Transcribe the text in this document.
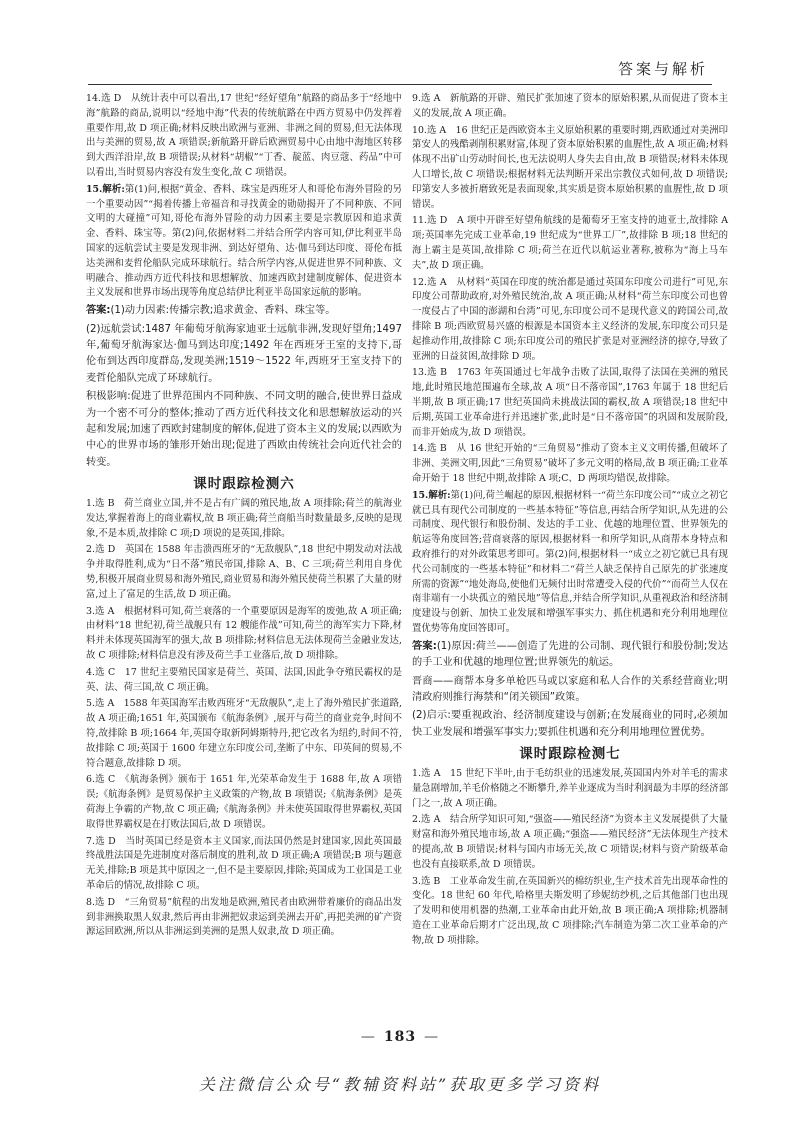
答案与解析

14.选 D　从统计表中可以看出,17 世纪“经好望角”航路的商品多于“经地中海”航路的商品,说明以“经地中海”代表的传统航路在中西方贸易中仍发挥着重要作用,故 D 项正确;材料反映出欧洲与亚洲、非洲之间的贸易,但无法体现出与美洲的贸易,故 A 项错误;新航路开辟后欧洲贸易中心由地中海地区转移到大西洋沿岸,故 B 项错误;从材料“胡椒”“丁香、靛蓝、肉豆蔻、药品”中可以看出,当时贸易内容没有发生变化,故 C 项错误。

15.解析:第(1)问,根据“黄金、香料、珠宝是西班牙人和哥伦布海外冒险的另一个重要动因”“揭着传播上帝福音和寻找黄金的勋勋揭开了不同种族、不同文明的大碰撞”可知,哥伦布海外冒险的动力因素主要是宗教原因和追求黄金、香料、珠宝等。第(2)问,依据材料二并结合所学内容可知,伊比利亚半岛国家的远航尝试主要是发现非洲、到达好望角、达·伽马到达印度、哥伦布抵达美洲和麦哲伦船队完成环球航行。结合所学内容,从促进世界不同种族、文明融合、推动西方近代科技和思想解放、加速西欧封建制度解体、促进资本主义发展和世界市场出现等角度总结伊比利亚半岛国家远航的影响。

答案:(1)动力因素:传播宗教;追求黄金、香料、珠宝等。

(2)远航尝试:1487 年葡萄牙航海家迪亚士远航非洲,发现好望角;1497 年,葡萄牙航海家达·伽马到达印度;1492 年在西班牙王室的支持下,哥伦布到达西印度群岛,发现美洲;1519～1522 年,西班牙王室支持下的麦哲伦船队完成了环球航行。

积极影响:促进了世界范围内不同种族、不同文明的融合,使世界日益成为一个密不可分的整体;推动了西方近代科技文化和思想解放运动的兴起和发展;加速了西欧封建制度的解体,促进了资本主义的发展;以西欧为中心的世界市场的雏形开始出现;促进了西欧由传统社会向近代社会的转变。

课时跟踪检测六

1.选 B　荷兰商业立国,并不是占有广阔的殖民地,故 A 项排除;荷兰的航海业发达,掌握着海上的商业霸权,故 B 项正确;荷兰商船当时数量最多,反映的是现象,不是本质,故排除 C 项;D 项说的是英国,排除。

2.选 D　英国在 1588 年击溃西班牙的“无敌舰队”,18 世纪中期发动对法战争并取得胜利,成为“日不落”殖民帝国,排除 A、B、C 三项;荷兰利用自身优势,积极开展商业贸易和海外殖民,商业贸易和海外殖民使荷兰积累了大量的财富,过上了富足的生活,故 D 项正确。

3.选 A　根据材料可知,荷兰衰落的一个重要原因是海军的废弛,故 A 项正确;由材料“18 世纪初,荷兰战舰只有 12 艘能作战”可知,荷兰的海军实力下降,材料并未体现英国海军的强大,故 B 项排除;材料信息无法体现荷兰金融业发达,故 C 项排除;材料信息没有涉及荷兰手工业落后,故 D 项排除。

4.选 C　17 世纪主要殖民国家是荷兰、英国、法国,因此争夺殖民霸权的是英、法、荷三国,故 C 项正确。

5.选 A　1588 年英国海军击败西班牙“无敌舰队”,走上了海外殖民扩张道路,故 A 项正确;1651 年,英国颁布《航海条例》,展开与荷兰的商业竞争,时间不符,故排除 B 项;1664 年,英国夺取新阿姆斯特丹,把它改名为纽约,时间不符,故排除 C 项;英国于 1600 年建立东印度公司,垄断了中东、印英间的贸易,不符合题意,故排除 D 项。

6.选 C　《航海条例》颁布于 1651 年,光荣革命发生于 1688 年,故 A 项错误;《航海条例》是贸易保护主义政策的产物,故 B 项错误;《航海条例》是英荷海上争霸的产物,故 C 项正确;《航海条例》并未使英国取得世界霸权,英国取得世界霸权是在打败法国后,故 D 项错误。

7.选 D　当时英国已经是资本主义国家,而法国仍然是封建国家,因此英国最终战胜法国是先进制度对落后制度的胜利,故 D 项正确;A 项错误;B 项与题意无关,排除;B 项是其中原因之一,但不是主要原因,排除;英国成为工业国是工业革命后的情况,故排除 C 项。

8.选 D　“三角贸易”航程的出发地是欧洲,殖民者由欧洲带着廉价的商品出发到非洲换取黑人奴隶,然后再由非洲把奴隶运到美洲去开矿,再把美洲的矿产资源运回欧洲,所以从非洲运到美洲的是黑人奴隶,故 D 项正确。

9.选 A　新航路的开辟、殖民扩张加速了资本的原始积累,从而促进了资本主义的发展,故 A 项正确。

10.选 A　16 世纪正是西欧资本主义原始积累的重要时期,西欧通过对美洲印第安人的残酷剥削积累财富,体现了资本原始积累的血腥性,故 A 项正确;材料体现不出矿山劳动时间长,也无法说明人身失去自由,故 B 项错误;材料未体现人口增长,故 C 项错误;根据材料无法判断开采出宗教仪式如何,故 D 项错误;印第安人多被折磨致死是表面现象,其实质是资本原始积累的血腥性,故 D 项错误。

11.选 D　A 项中开辟至好望角航线的是葡萄牙王室支持的迪亚士,故排除 A 项;英国率先完成工业革命,19 世纪成为“世界工厂”,故排除 B 项;18 世纪的海上霸主是英国,故排除 C 项;荷兰在近代以航运业著称,被称为“海上马车夫”,故 D 项正确。

12.选 A　从材料“英国在印度的统治都是通过英国东印度公司进行”可见,东印度公司帮助政府,对外殖民统治,故 A 项正确;从材料“荷兰东印度公司也曾一度侵占了中国的澎湖和台湾”可见,东印度公司不是现代意义的跨国公司,故排除 B 项;西欧贸易兴盛的根源是本国资本主义经济的发展,东印度公司只是起推动作用,故排除 C 项;东印度公司的殖民扩张是对亚洲经济的掠夺,导致了亚洲的日益贫困,故排除 D 项。

13.选 B　1763 年英国通过七年战争击败了法国,取得了法国在美洲的殖民地,此时殖民地范围遍布全球,故 A 项“日不落帝国”,1763 年属于 18 世纪后半期,故 B 项正确;17 世纪英国尚未挑战法国的霸权,故 A 项错误;18 世纪中后期,英国工业革命进行并迅速扩张,此时是“日不落帝国”的巩固和发展阶段,而非开始成为,故 D 项错误。

14.选 B　从 16 世纪开始的“三角贸易”推动了资本主义文明传播,但破坏了非洲、美洲文明,因此“三角贸易”破坏了多元文明的格局,故 B 项正确;工业革命开始于 18 世纪中期,故排除 A 项;C、D 两项均错误,故排除。

15.解析:第(1)问,荷兰崛起的原因,根据材料一“荷兰东印度公司”“成立之初它就已具有现代公司制度的一些基本特征”等信息,再结合所学知识,从先进的公司制度、现代银行和股份制、发达的手工业、优越的地理位置、世界领先的航运等角度回答;营商衰落的原因,根据材料一和所学知识,从商帮本身特点和政府推行的对外政策思考即可。第(2)问,根据材料一“成立之初它就已具有现代公司制度的一些基本特征”和材料二“荷兰人缺乏保持自己原先的扩张速度所需的资源”“地处海岛,使他们无频付出时常遭受入侵的代价”“而荷兰人仅在南非端有一小块孤立的殖民地”等信息,并结合所学知识,从重视政治和经济制度建设与创新、加快工业发展和增强军事实力、抓住机遇和充分利用地理位置优势等角度回答即可。

答案:(1)原因:荷兰——创造了先进的公司制、现代银行和股份制;发达的手工业和优越的地理位置;世界领先的航运。

晋商——商帮本身多单枪匹马或以家庭和私人合作的关系经营商业;明清政府则推行海禁和“闭关锁国”政策。

(2)启示:要重视政治、经济制度建设与创新;在发展商业的同时,必须加快工业发展和增强军事实力;要抓住机遇和充分利用地理位置优势。

课时跟踪检测七

1.选 A　15 世纪下半叶,由于毛纺织业的迅速发展,英国国内外对羊毛的需求量急剧增加,羊毛价格随之不断攀升,养羊业逐成为当时利润最为丰厚的经济部门之一,故 A 项正确。

2.选 A　结合所学知识可知,“强盗——殖民经济”为资本主义发展提供了大量财富和海外殖民地市场,故 A 项正确;“强盗——殖民经济”无法体现生产技术的提高,故 B 项错误;材料与国内市场无关,故 C 项错误;材料与资产阶级革命也没有直接联系,故 D 项错误。

3.选 B　工业革命发生前,在英国新兴的棉纺织业,生产技术首先出现革命性的变化。18 世纪 60 年代,哈格里夫斯发明了珍妮纺纱机,之后其他部门也出现了发明和使用机器的热潮,工业革命由此开始,故 B 项正确;A 项排除;机器制造在工业革命后期才广泛出现,故 C 项排除;汽车制造为第二次工业革命的产物,故 D 项排除。

— 183 —
关注微信公众号“教辅资料站”获取更多学习资料
